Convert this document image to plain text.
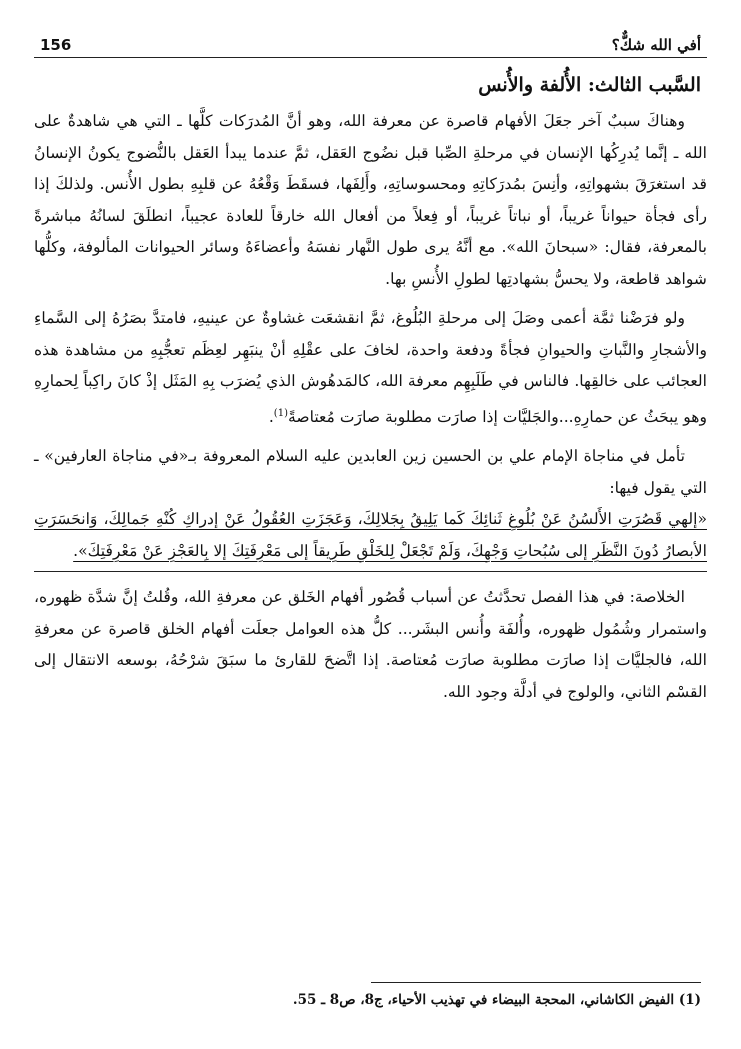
أفي الله شكٌّ؟
156
السَّبب الثالث: الأُلفة والأُنس

وهناكَ سببٌ آخر جعَلَ الأفهام قاصرة عن معرفة الله، وهو أنَّ المُدرَكات كلَّها ـ التي هي شاهدةٌ على الله ـ إنَّما يُدرِكُها الإنسان في مرحلةِ الصِّبا قبل نضُوج العَقل، ثمَّ عندما يبدأ العَقل بالنُّضوج يكونُ الإنسانُ قد استغرَقَ بشهواتِهِ، وأنِسَ بمُدرَكاتِهِ ومحسوساتِهِ، وأَلِفَها، فسقَطَ وَقْعُهُ عن قلبِهِ بطول الأُنس. ولذلكَ إذا رأى فجأة حيواناً غريباً، أو نباتاً غريباً، أو فِعلاً من أفعال الله خارقاً للعادة عجيباً، انطلَقَ لسانُهُ مباشرةً بالمعرفة، فقال: «سبحانَ الله». مع أنَّهُ يرى طول النَّهار نفسَهُ وأعضاءَهُ وسائر الحيوانات المألوفة، وكلُّها شواهد قاطعة، ولا يحسُّ بشهادتِها لطولِ الأُنسِ بها.

ولو فرَضْنا ثمَّة أعمى وصَلَ إلى مرحلةِ البُلُوغ، ثمَّ انقشعَت غشاوةٌ عن عينيهِ، فامتدَّ بصَرُهُ إلى السَّماءِ والأشجارِ والنَّباتِ والحيوانِ فجأةً ودفعة واحدة، لخافَ على عقْلِهِ أنْ ينبَهِر لعِظَم تعجُّبِهِ من مشاهدة هذه العجائب على خالقِها. فالناس في طَلَبِهِم معرفة الله، كالمَدهُوش الذي يُضرَب بِهِ المَثَل إذْ كانَ راكِباً لِحمارِهِ وهو يبحَثُ عن حمارِهِ...والجَليَّات إذا صارَت مطلوبة صارَت مُعتاصةً$^{(1)}$.

تأمل في مناجاة الإمام علي بن الحسين زين العابدين عليه السلام المعروفة بـ«في مناجاة العارفين» ـ التي يقول فيها:

«إلهي قَصُرَتِ الأَلسُنُ عَنْ بُلُوغِ ثَنائِكَ كَما يَلِيقُ بِجَلالِكَ، وَعَجَزَتِ العُقُولُ عَنْ إدراكِ كُنْهِ جَمالِكَ، وَانحَسَرَتِ الأبصارُ دُونَ النَّظَرِ إلى سُبُحاتِ وَجْهِكَ، وَلَمْ تَجْعَلْ لِلخَلْقِ طَرِيقاً إلى مَعْرِفَتِكَ إلا بِالعَجْزِ عَنْ مَعْرِفَتِكَ».

الخلاصة: في هذا الفصل تحدَّثتُ عن أسباب قُصُور أفهام الخَلق عن معرفةِ الله، وقُلتُ إنَّ شدَّة ظهوره، واستمرار وشُمُول ظهوره، وأُلفَة وأُنس البشَر... كلُّ هذه العوامل جعلَت أفهام الخلق قاصرة عن معرفةِ الله، فالجليَّات إذا صارَت مطلوبة صارَت مُعتاصة. إذا اتَّضحَ للقارئ ما سبَقَ شرْحُهُ، بوسعه الانتقال إلى القسْم الثاني، والولوج في أدلَّة وجود الله.

(1) الفيض الكاشاني، المحجة البيضاء في تهذيب الأحياء، ج8، ص8 ـ 55.
